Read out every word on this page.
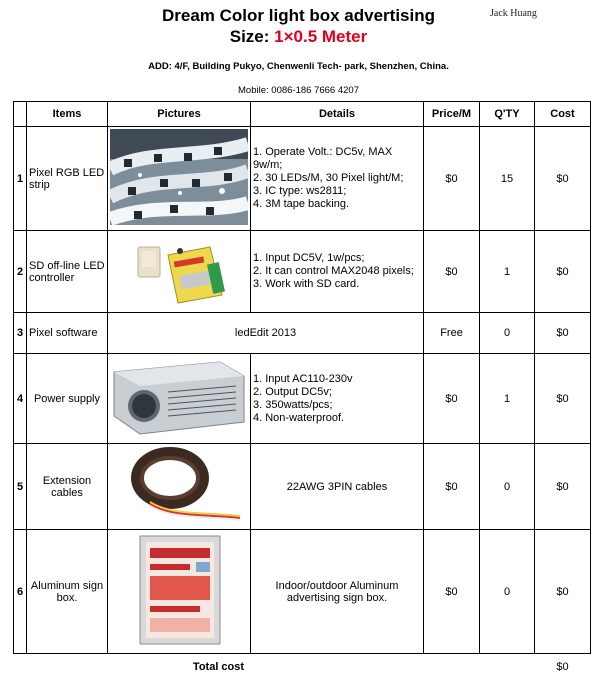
Jack Huang
Dream Color light box advertising
Size: 1×0.5 Meter
ADD: 4/F, Building Pukyo, Chenwenli Tech- park, Shenzhen, China.
Mobile: 0086-186 7666 4207
	Items	Pictures	Details	Price/M	Q'TY	Cost
1	Pixel RGB LED strip		1. Operate Volt.: DC5v, MAX 9w/m;
2. 30 LEDs/M, 30 Pixel light/M;
3. IC type: ws2811;
4. 3M tape backing.	$0	15	$0
2	SD off-line LED controller		1. Input DC5V, 1w/pcs;
2. It can control MAX2048 pixels;
3. Work with SD card.	$0	1	$0
3	Pixel software	ledEdit 2013		Free	0	$0
4	Power supply		1. Input AC110-230v
2. Output DC5v;
3. 350watts/pcs;
4. Non-waterproof.	$0	1	$0
5	Extension cables		22AWG 3PIN cables	$0	0	$0
6	Aluminum sign box.		Indoor/outdoor Aluminum advertising sign box.	$0	0	$0
Total cost						$0
